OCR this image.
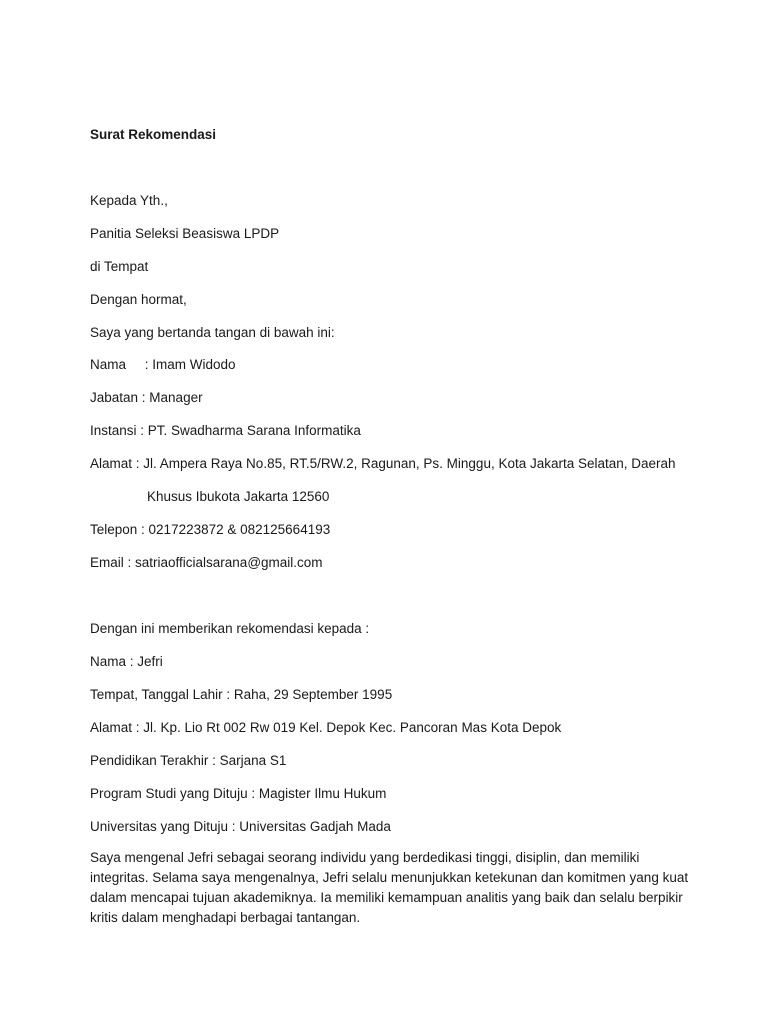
Surat Rekomendasi
Kepada Yth.,
Panitia Seleksi Beasiswa LPDP
di Tempat
Dengan hormat,
Saya yang bertanda tangan di bawah ini:
Nama     : Imam Widodo
Jabatan : Manager
Instansi : PT. Swadharma Sarana Informatika
Alamat : Jl. Ampera Raya No.85, RT.5/RW.2, Ragunan, Ps. Minggu, Kota Jakarta Selatan, Daerah
Khusus Ibukota Jakarta 12560
Telepon : 0217223872 & 082125664193
Email : satriaofficialsarana@gmail.com
Dengan ini memberikan rekomendasi kepada :
Nama : Jefri
Tempat, Tanggal Lahir : Raha, 29 September 1995
Alamat : Jl. Kp. Lio Rt 002 Rw 019 Kel. Depok Kec. Pancoran Mas Kota Depok
Pendidikan Terakhir : Sarjana S1
Program Studi yang Dituju : Magister Ilmu Hukum
Universitas yang Dituju : Universitas Gadjah Mada
Saya mengenal Jefri sebagai seorang individu yang berdedikasi tinggi, disiplin, dan memiliki integritas. Selama saya mengenalnya, Jefri selalu menunjukkan ketekunan dan komitmen yang kuat dalam mencapai tujuan akademiknya. Ia memiliki kemampuan analitis yang baik dan selalu berpikir kritis dalam menghadapi berbagai tantangan.
